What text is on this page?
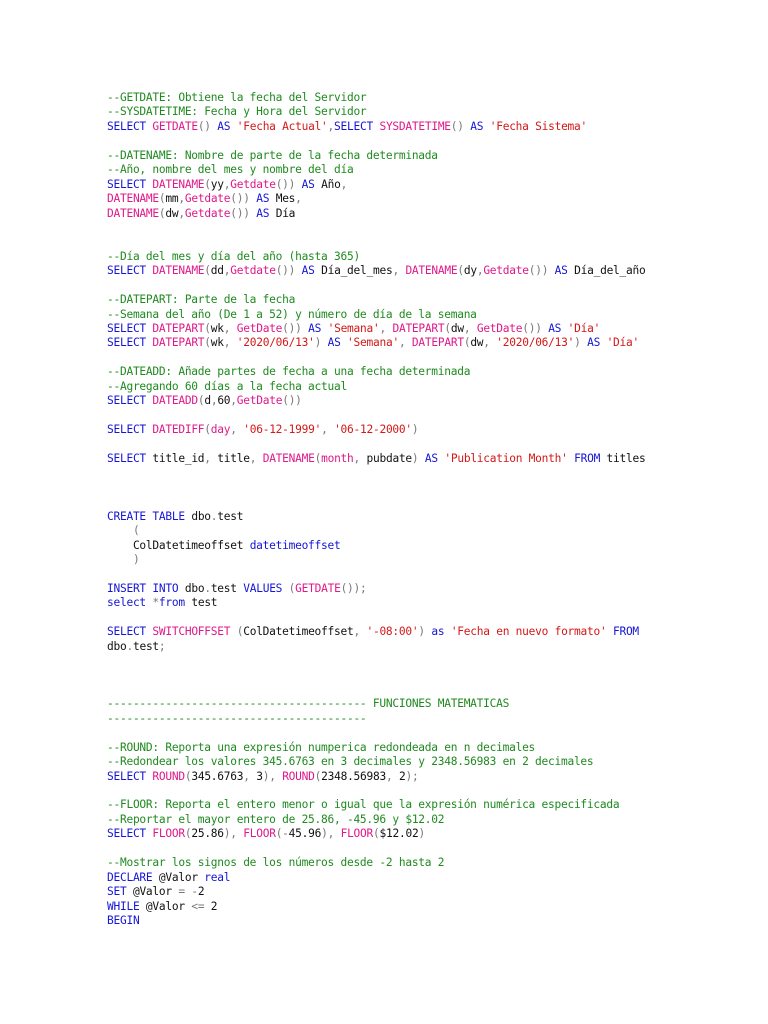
--GETDATE: Obtiene la fecha del Servidor
--SYSDATETIME: Fecha y Hora del Servidor
SELECT GETDATE() AS 'Fecha Actual',SELECT SYSDATETIME() AS 'Fecha Sistema'
--DATENAME: Nombre de parte de la fecha determinada
--Año, nombre del mes y nombre del día
SELECT DATENAME(yy,Getdate()) AS Año,
DATENAME(mm,Getdate()) AS Mes,
DATENAME(dw,Getdate()) AS Día
--Día del mes y día del año (hasta 365)
SELECT DATENAME(dd,Getdate()) AS Día_del_mes, DATENAME(dy,Getdate()) AS Día_del_año
--DATEPART: Parte de la fecha
--Semana del año (De 1 a 52) y número de día de la semana
SELECT DATEPART(wk, GetDate()) AS 'Semana', DATEPART(dw, GetDate()) AS 'Día'
SELECT DATEPART(wk, '2020/06/13') AS 'Semana', DATEPART(dw, '2020/06/13') AS 'Día'
--DATEADD: Añade partes de fecha a una fecha determinada
--Agregando 60 días a la fecha actual
SELECT DATEADD(d,60,GetDate())
SELECT DATEDIFF(day, '06-12-1999', '06-12-2000')
SELECT title_id, title, DATENAME(month, pubdate) AS 'Publication Month' FROM titles
CREATE TABLE dbo.test
(
ColDatetimeoffset datetimeoffset
)
INSERT INTO dbo.test VALUES (GETDATE());
select *from test
SELECT SWITCHOFFSET (ColDatetimeoffset, '-08:00') as 'Fecha en nuevo formato' FROM
dbo.test;
---------------------------------------- FUNCIONES MATEMATICAS
----------------------------------------
--ROUND: Reporta una expresión numperica redondeada en n decimales
--Redondear los valores 345.6763 en 3 decimales y 2348.56983 en 2 decimales
SELECT ROUND(345.6763, 3), ROUND(2348.56983, 2);
--FLOOR: Reporta el entero menor o igual que la expresión numérica especificada
--Reportar el mayor entero de 25.86, -45.96 y $12.02
SELECT FLOOR(25.86), FLOOR(-45.96), FLOOR($12.02)
--Mostrar los signos de los números desde -2 hasta 2
DECLARE @Valor real
SET @Valor = -2
WHILE @Valor <= 2
BEGIN
